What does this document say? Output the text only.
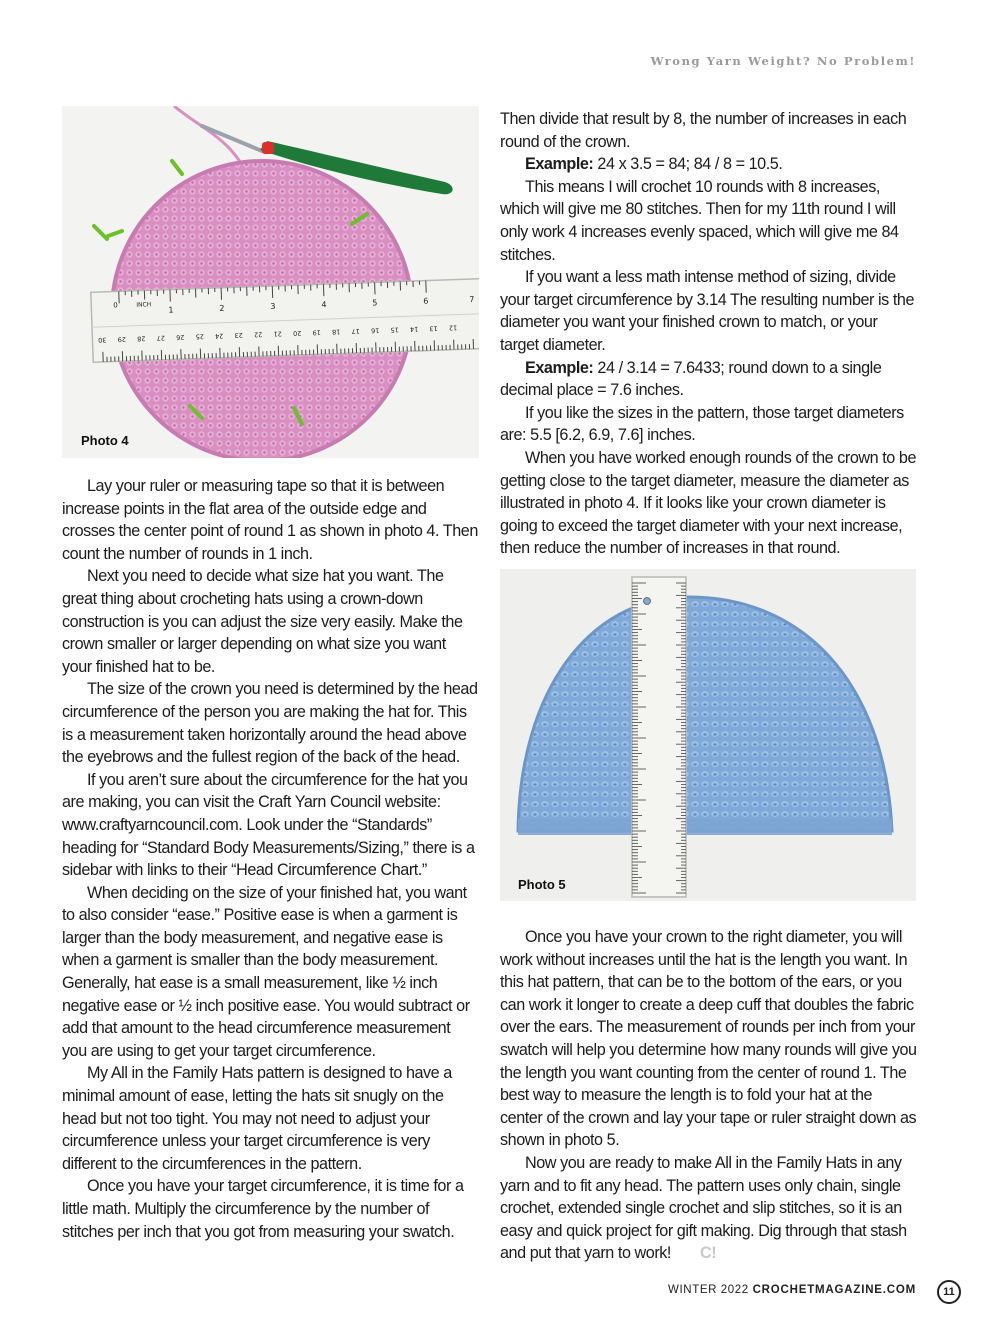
Wrong Yarn Weight? No Problem!
0	INCH
1	2	3	4	5	6	7
30 29 28 27 26 25 24 23 22 21 20 19 18 17 16 15 14 13 12
Photo 4

Lay your ruler or measuring tape so that it is between increase points in the flat area of the outside edge and crosses the center point of round 1 as shown in photo 4. Then count the number of rounds in 1 inch.

Next you need to decide what size hat you want. The great thing about crocheting hats using a crown-down construction is you can adjust the size very easily. Make the crown smaller or larger depending on what size you want your finished hat to be.

The size of the crown you need is determined by the head circumference of the person you are making the hat for. This is a measurement taken horizontally around the head above the eyebrows and the fullest region of the back of the head.

If you aren’t sure about the circumference for the hat you are making, you can visit the Craft Yarn Council website: www.craftyarncouncil.com. Look under the “Standards” heading for “Standard Body Measurements/Sizing,” there is a sidebar with links to their “Head Circumference Chart.”

When deciding on the size of your finished hat, you want to also consider “ease.” Positive ease is when a garment is larger than the body measurement, and negative ease is when a garment is smaller than the body measurement. Generally, hat ease is a small measurement, like ½ inch negative ease or ½ inch positive ease. You would subtract or add that amount to the head circumference measurement you are using to get your target circumference.

My All in the Family Hats pattern is designed to have a minimal amount of ease, letting the hats sit snugly on the head but not too tight. You may not need to adjust your circumference unless your target circumference is very different to the circumferences in the pattern.

Once you have your target circumference, it is time for a little math. Multiply the circumference by the number of stitches per inch that you got from measuring your swatch.

Then divide that result by 8, the number of increases in each round of the crown.

Example: 24 x 3.5 = 84; 84 / 8 = 10.5.

This means I will crochet 10 rounds with 8 increases, which will give me 80 stitches. Then for my 11th round I will only work 4 increases evenly spaced, which will give me 84 stitches.

If you want a less math intense method of sizing, divide your target circumference by 3.14 The resulting number is the diameter you want your finished crown to match, or your target diameter.

Example: 24 / 3.14 = 7.6433; round down to a single decimal place = 7.6 inches.

If you like the sizes in the pattern, those target diameters are: 5.5 [6.2, 6.9, 7.6] inches.

When you have worked enough rounds of the crown to be getting close to the target diameter, measure the diameter as illustrated in photo 4. If it looks like your crown diameter is going to exceed the target diameter with your next increase, then reduce the number of increases in that round.

Photo 5

Once you have your crown to the right diameter, you will work without increases until the hat is the length you want. In this hat pattern, that can be to the bottom of the ears, or you can work it longer to create a deep cuff that doubles the fabric over the ears. The measurement of rounds per inch from your swatch will help you determine how many rounds will give you the length you want counting from the center of round 1. The best way to measure the length is to fold your hat at the center of the crown and lay your tape or ruler straight down as shown in photo 5.

Now you are ready to make All in the Family Hats in any yarn and to fit any head. The pattern uses only chain, single crochet, extended single crochet and slip stitches, so it is an easy and quick project for gift making. Dig through that stash and put that yarn to work! C!

WINTER 2022 CROCHETMAGAZINE.COM	11
